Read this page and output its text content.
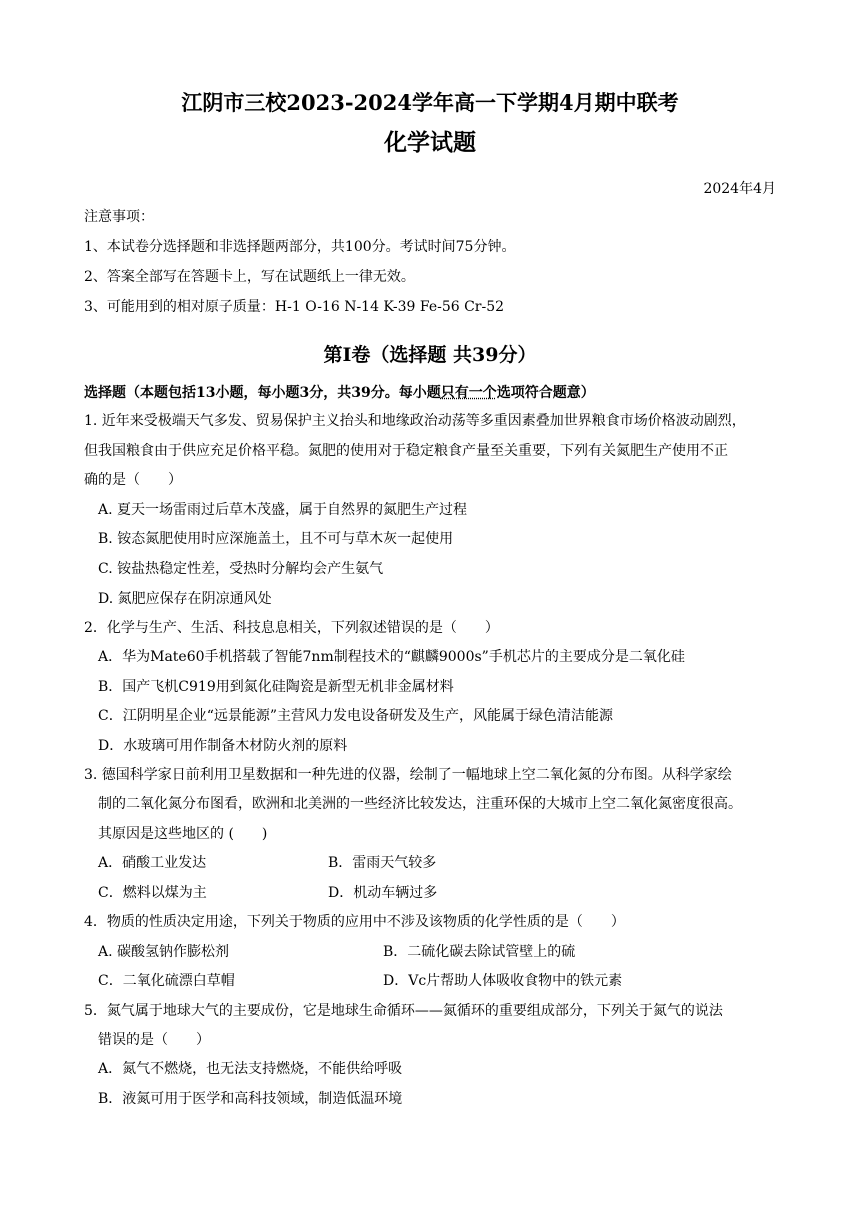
江阴市三校2023-2024学年高一下学期4月期中联考
化学试题
2024年4月
注意事项：
1、本试卷分选择题和非选择题两部分，共100分。考试时间75分钟。
2、答案全部写在答题卡上，写在试题纸上一律无效。
3、可能用到的相对原子质量：H-1 O-16 N-14 K-39 Fe-56 Cr-52
第Ⅰ卷（选择题 共39分）
选择题（本题包括13小题，每小题3分，共39分。每小题只有一个选项符合题意）
1. 近年来受极端天气多发、贸易保护主义抬头和地缘政治动荡等多重因素叠加世界粮食市场价格波动剧烈，
但我国粮食由于供应充足价格平稳。氮肥的使用对于稳定粮食产量至关重要，下列有关氮肥生产使用不正
确的是（　　）
A. 夏天一场雷雨过后草木茂盛，属于自然界的氮肥生产过程
B. 铵态氮肥使用时应深施盖土，且不可与草木灰一起使用
C. 铵盐热稳定性差，受热时分解均会产生氨气
D. 氮肥应保存在阴凉通风处
2．化学与生产、生活、科技息息相关，下列叙述错误的是（　　）
A．华为Mate60手机搭载了智能7nm制程技术的“麒麟9000s”手机芯片的主要成分是二氧化硅
B．国产飞机C919用到氮化硅陶瓷是新型无机非金属材料
C．江阴明星企业“远景能源”主营风力发电设备研发及生产，风能属于绿色清洁能源
D．水玻璃可用作制备木材防火剂的原料
3. 德国科学家日前利用卫星数据和一种先进的仪器，绘制了一幅地球上空二氧化氮的分布图。从科学家绘
制的二氧化氮分布图看，欧洲和北美洲的一些经济比较发达，注重环保的大城市上空二氧化氮密度很高。
其原因是这些地区的 (　　)
A．硝酸工业发达	B．雷雨天气较多
C．燃料以煤为主	D．机动车辆过多
4．物质的性质决定用途，下列关于物质的应用中不涉及该物质的化学性质的是（　　）
A. 碳酸氢钠作膨松剂	B．二硫化碳去除试管壁上的硫
C．二氧化硫漂白草帽	D．Vc片帮助人体吸收食物中的铁元素
5．氮气属于地球大气的主要成份，它是地球生命循环——氮循环的重要组成部分，下列关于氮气的说法
错误的是（　　）
A．氮气不燃烧，也无法支持燃烧，不能供给呼吸
B．液氮可用于医学和高科技领域，制造低温环境
